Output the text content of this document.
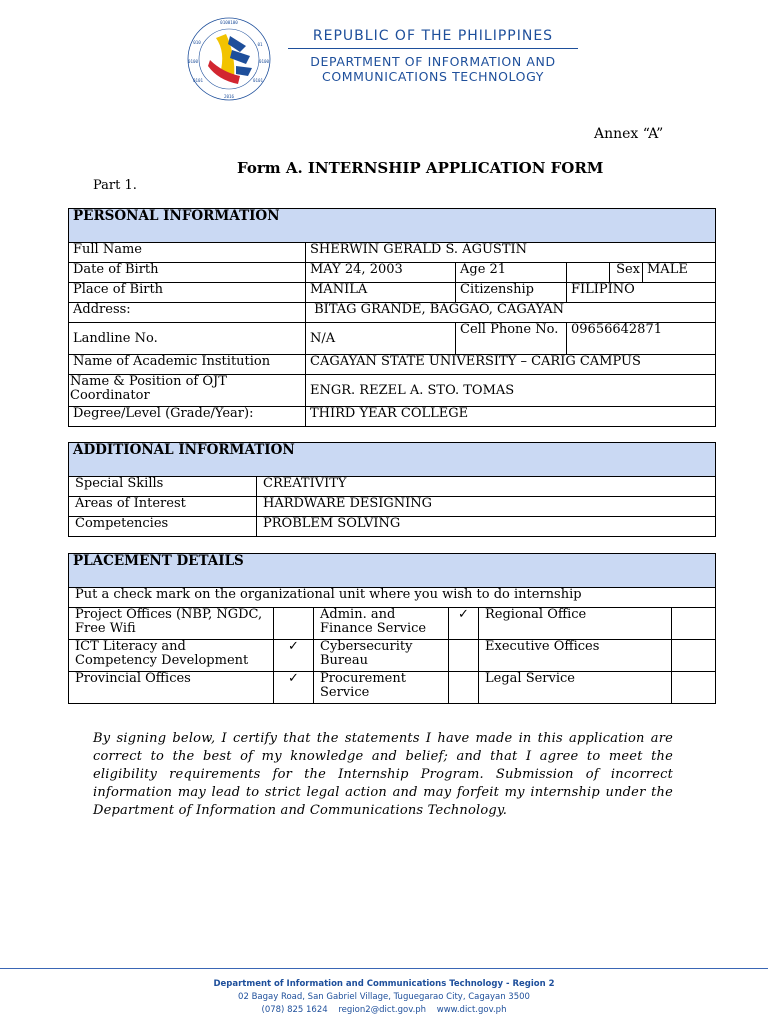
0100100
01
0100
0101
2016
0101
0100
010	REPUBLIC OF THE PHILIPPINES
DEPARTMENT OF INFORMATION AND
COMMUNICATIONS TECHNOLOGY
Annex “A”
Form A. INTERNSHIP APPLICATION FORM
Part 1.
PERSONAL INFORMATION					
Full Name	SHERWIN GERALD S. AGUSTIN				
Date of Birth	MAY 24, 2003	Age 21		Sex	MALE
Place of Birth	MANILA	Citizenship	FILIPINO		
Address:	BITAG GRANDE, BAGGAO, CAGAYAN				
Landline No.	N/A	Cell Phone No.	09656642871		
Name of Academic Institution	CAGAYAN STATE UNIVERSITY – CARIG CAMPUS				
Name & Position of OJT Coordinator	ENGR. REZEL A. STO. TOMAS				
Degree/Level (Grade/Year):	THIRD YEAR COLLEGE				
ADDITIONAL INFORMATION	
Special Skills	CREATIVITY
Areas of Interest	HARDWARE DESIGNING
Competencies	PROBLEM SOLVING
PLACEMENT DETAILS					
Put a check mark on the organizational unit where you wish to do internship					
Project Offices (NBP, NGDC, Free Wifi		Admin. and Finance Service	✓	Regional Office	
ICT Literacy and Competency Development	✓	Cybersecurity Bureau		Executive Offices	
Provincial Offices	✓	Procurement Service		Legal Service	
By signing below, I certify that the statements I have made in this application are correct to the best of my knowledge and belief; and that I agree to meet the eligibility requirements for the Internship Program. Submission of incorrect information may lead to strict legal action and may forfeit my internship under the Department of Information and Communications Technology.
Department of Information and Communications Technology - Region 2
02 Bagay Road, San Gabriel Village, Tuguegarao City, Cagayan 3500
(078) 825 1624 region2@dict.gov.ph www.dict.gov.ph
